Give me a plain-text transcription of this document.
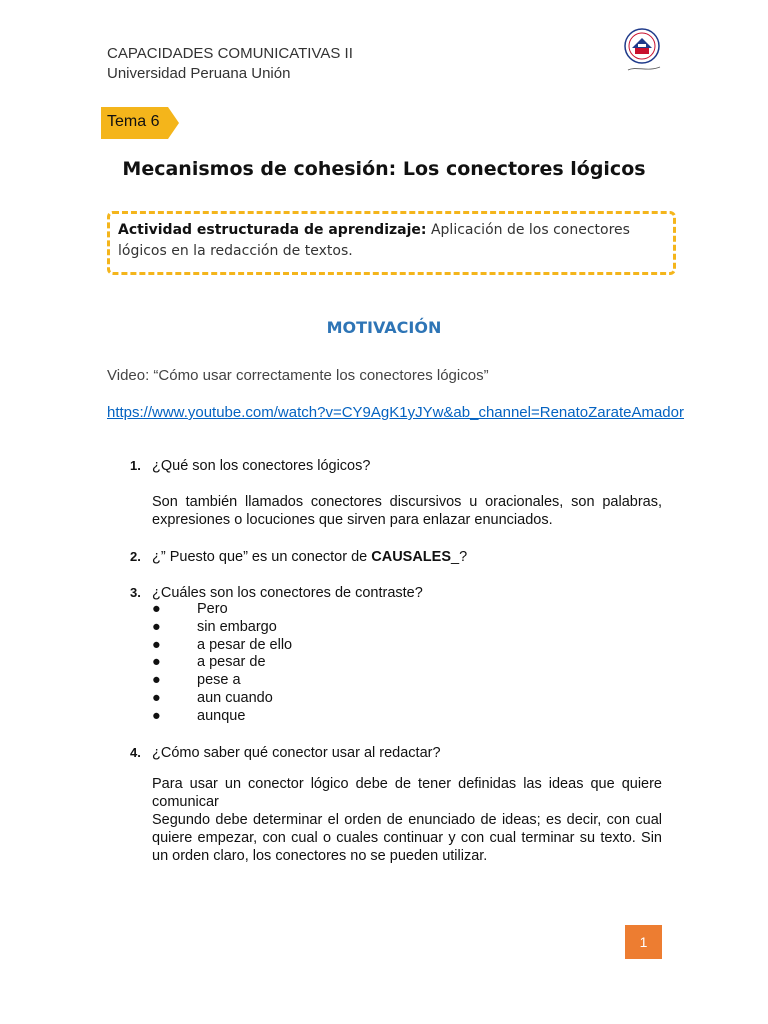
CAPACIDADES COMUNICATIVAS II
Universidad Peruana Unión
Tema 6
Mecanismos de cohesión: Los conectores lógicos
Actividad estructurada de aprendizaje: Aplicación de los conectores lógicos en la redacción de textos.
MOTIVACIÓN
Video: “Cómo usar correctamente los conectores lógicos”
https://www.youtube.com/watch?v=CY9AgK1yJYw&ab_channel=RenatoZarateAmador
1. ¿Qué son los conectores lógicos?
Son también llamados conectores discursivos u oracionales, son palabras, expresiones o locuciones que sirven para enlazar enunciados.
2. ¿” Puesto que” es un conector de CAUSALES_?
3. ¿Cuáles son los conectores de contraste?
● Pero
● sin embargo
● a pesar de ello
● a pesar de
● pese a
● aun cuando
● aunque
4. ¿Cómo saber qué conector usar al redactar?
Para usar un conector lógico debe de tener definidas las ideas que quiere comunicar
Segundo debe determinar el orden de enunciado de ideas; es decir, con cual quiere empezar, con cual o cuales continuar y con cual terminar su texto. Sin un orden claro, los conectores no se pueden utilizar.
1
